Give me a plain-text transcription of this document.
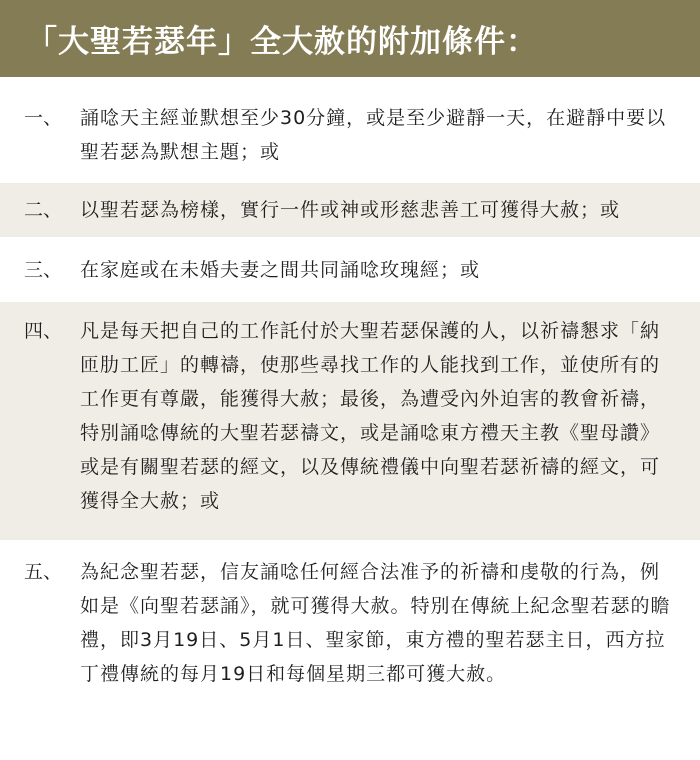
「大聖若瑟年」全大赦的附加條件：
一、 誦唸天主經並默想至少30分鐘，或是至少避靜一天，在避靜中要以聖若瑟為默想主題；或
二、 以聖若瑟為榜樣，實行一件或神或形慈悲善工可獲得大赦；或
三、 在家庭或在未婚夫妻之間共同誦唸玫瑰經；或
四、 凡是每天把自己的工作託付於大聖若瑟保護的人，以祈禱懇求「納匝肋工匠」的轉禱，使那些尋找工作的人能找到工作，並使所有的工作更有尊嚴，能獲得大赦；最後，為遭受內外迫害的教會祈禱，特別誦唸傳統的大聖若瑟禱文，或是誦唸東方禮天主教《聖母讚》或是有關聖若瑟的經文，以及傳統禮儀中向聖若瑟祈禱的經文，可獲得全大赦；或
五、 為紀念聖若瑟，信友誦唸任何經合法准予的祈禱和虔敬的行為，例如是《向聖若瑟誦》，就可獲得大赦。特別在傳統上紀念聖若瑟的瞻禮，即3月19日、5月1日、聖家節，東方禮的聖若瑟主日，西方拉丁禮傳統的每月19日和每個星期三都可獲大赦。
